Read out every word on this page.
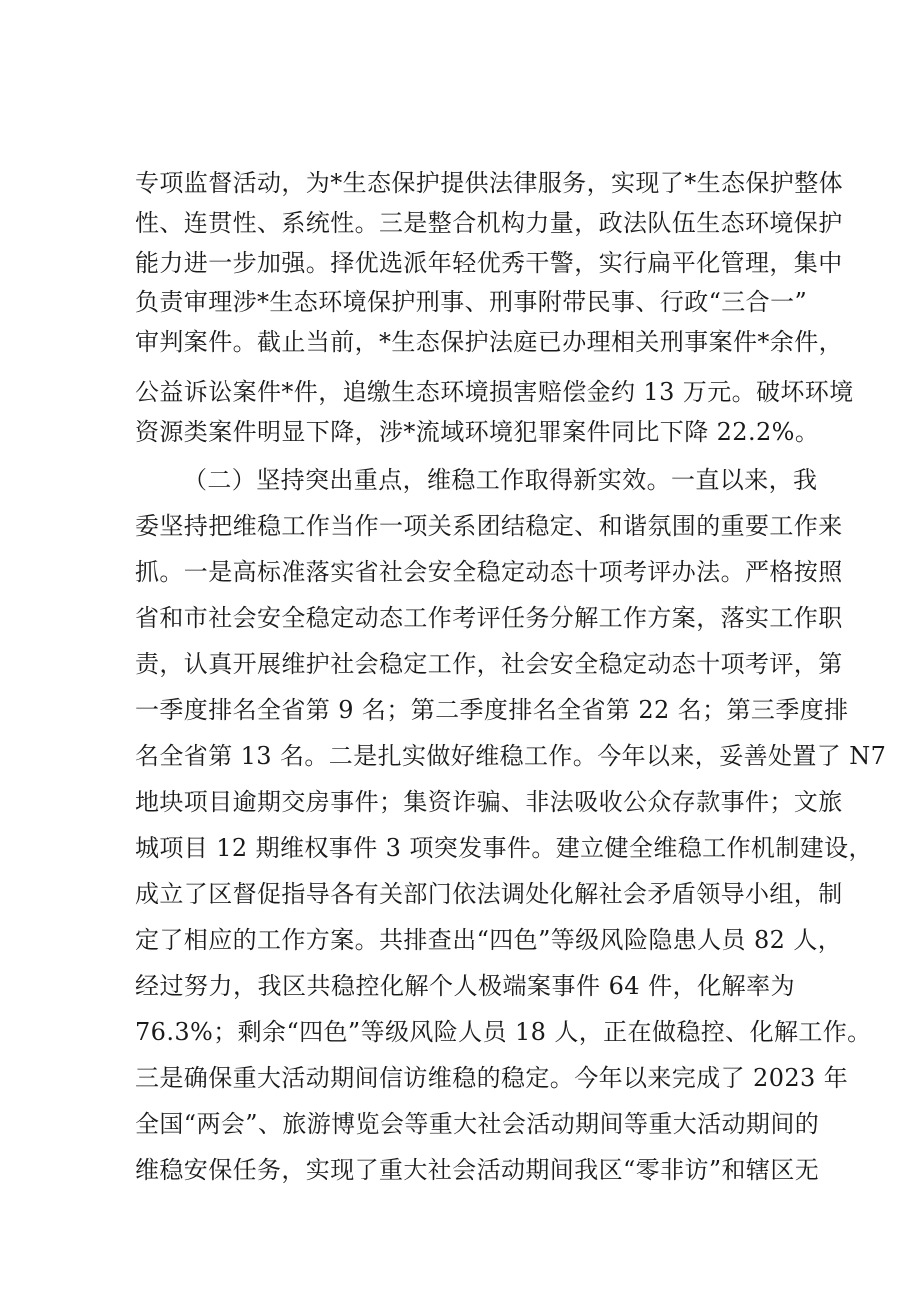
专项监督活动，为*生态保护提供法律服务，实现了*生态保护整体
性、连贯性、系统性。三是整合机构力量，政法队伍生态环境保护
能力进一步加强。择优选派年轻优秀干警，实行扁平化管理，集中
负责审理涉*生态环境保护刑事、刑事附带民事、行政“三合一”
审判案件。截止当前，*生态保护法庭已办理相关刑事案件*余件，
公益诉讼案件*件，追缴生态环境损害赔偿金约 13 万元。破坏环境
资源类案件明显下降，涉*流域环境犯罪案件同比下降 22.2%。
（二）坚持突出重点，维稳工作取得新实效。一直以来，我
委坚持把维稳工作当作一项关系团结稳定、和谐氛围的重要工作来
抓。一是高标准落实省社会安全稳定动态十项考评办法。严格按照
省和市社会安全稳定动态工作考评任务分解工作方案，落实工作职
责，认真开展维护社会稳定工作，社会安全稳定动态十项考评，第
一季度排名全省第 9 名；第二季度排名全省第 22 名；第三季度排
名全省第 13 名。二是扎实做好维稳工作。今年以来，妥善处置了 N7
地块项目逾期交房事件；集资诈骗、非法吸收公众存款事件；文旅
城项目 12 期维权事件 3 项突发事件。建立健全维稳工作机制建设，
成立了区督促指导各有关部门依法调处化解社会矛盾领导小组，制
定了相应的工作方案。共排查出“四色”等级风险隐患人员 82 人，
经过努力，我区共稳控化解个人极端案事件 64 件，化解率为
76.3%；剩余“四色”等级风险人员 18 人，正在做稳控、化解工作。
三是确保重大活动期间信访维稳的稳定。今年以来完成了 2023 年
全国“两会”、旅游博览会等重大社会活动期间等重大活动期间的
维稳安保任务，实现了重大社会活动期间我区“零非访”和辖区无
